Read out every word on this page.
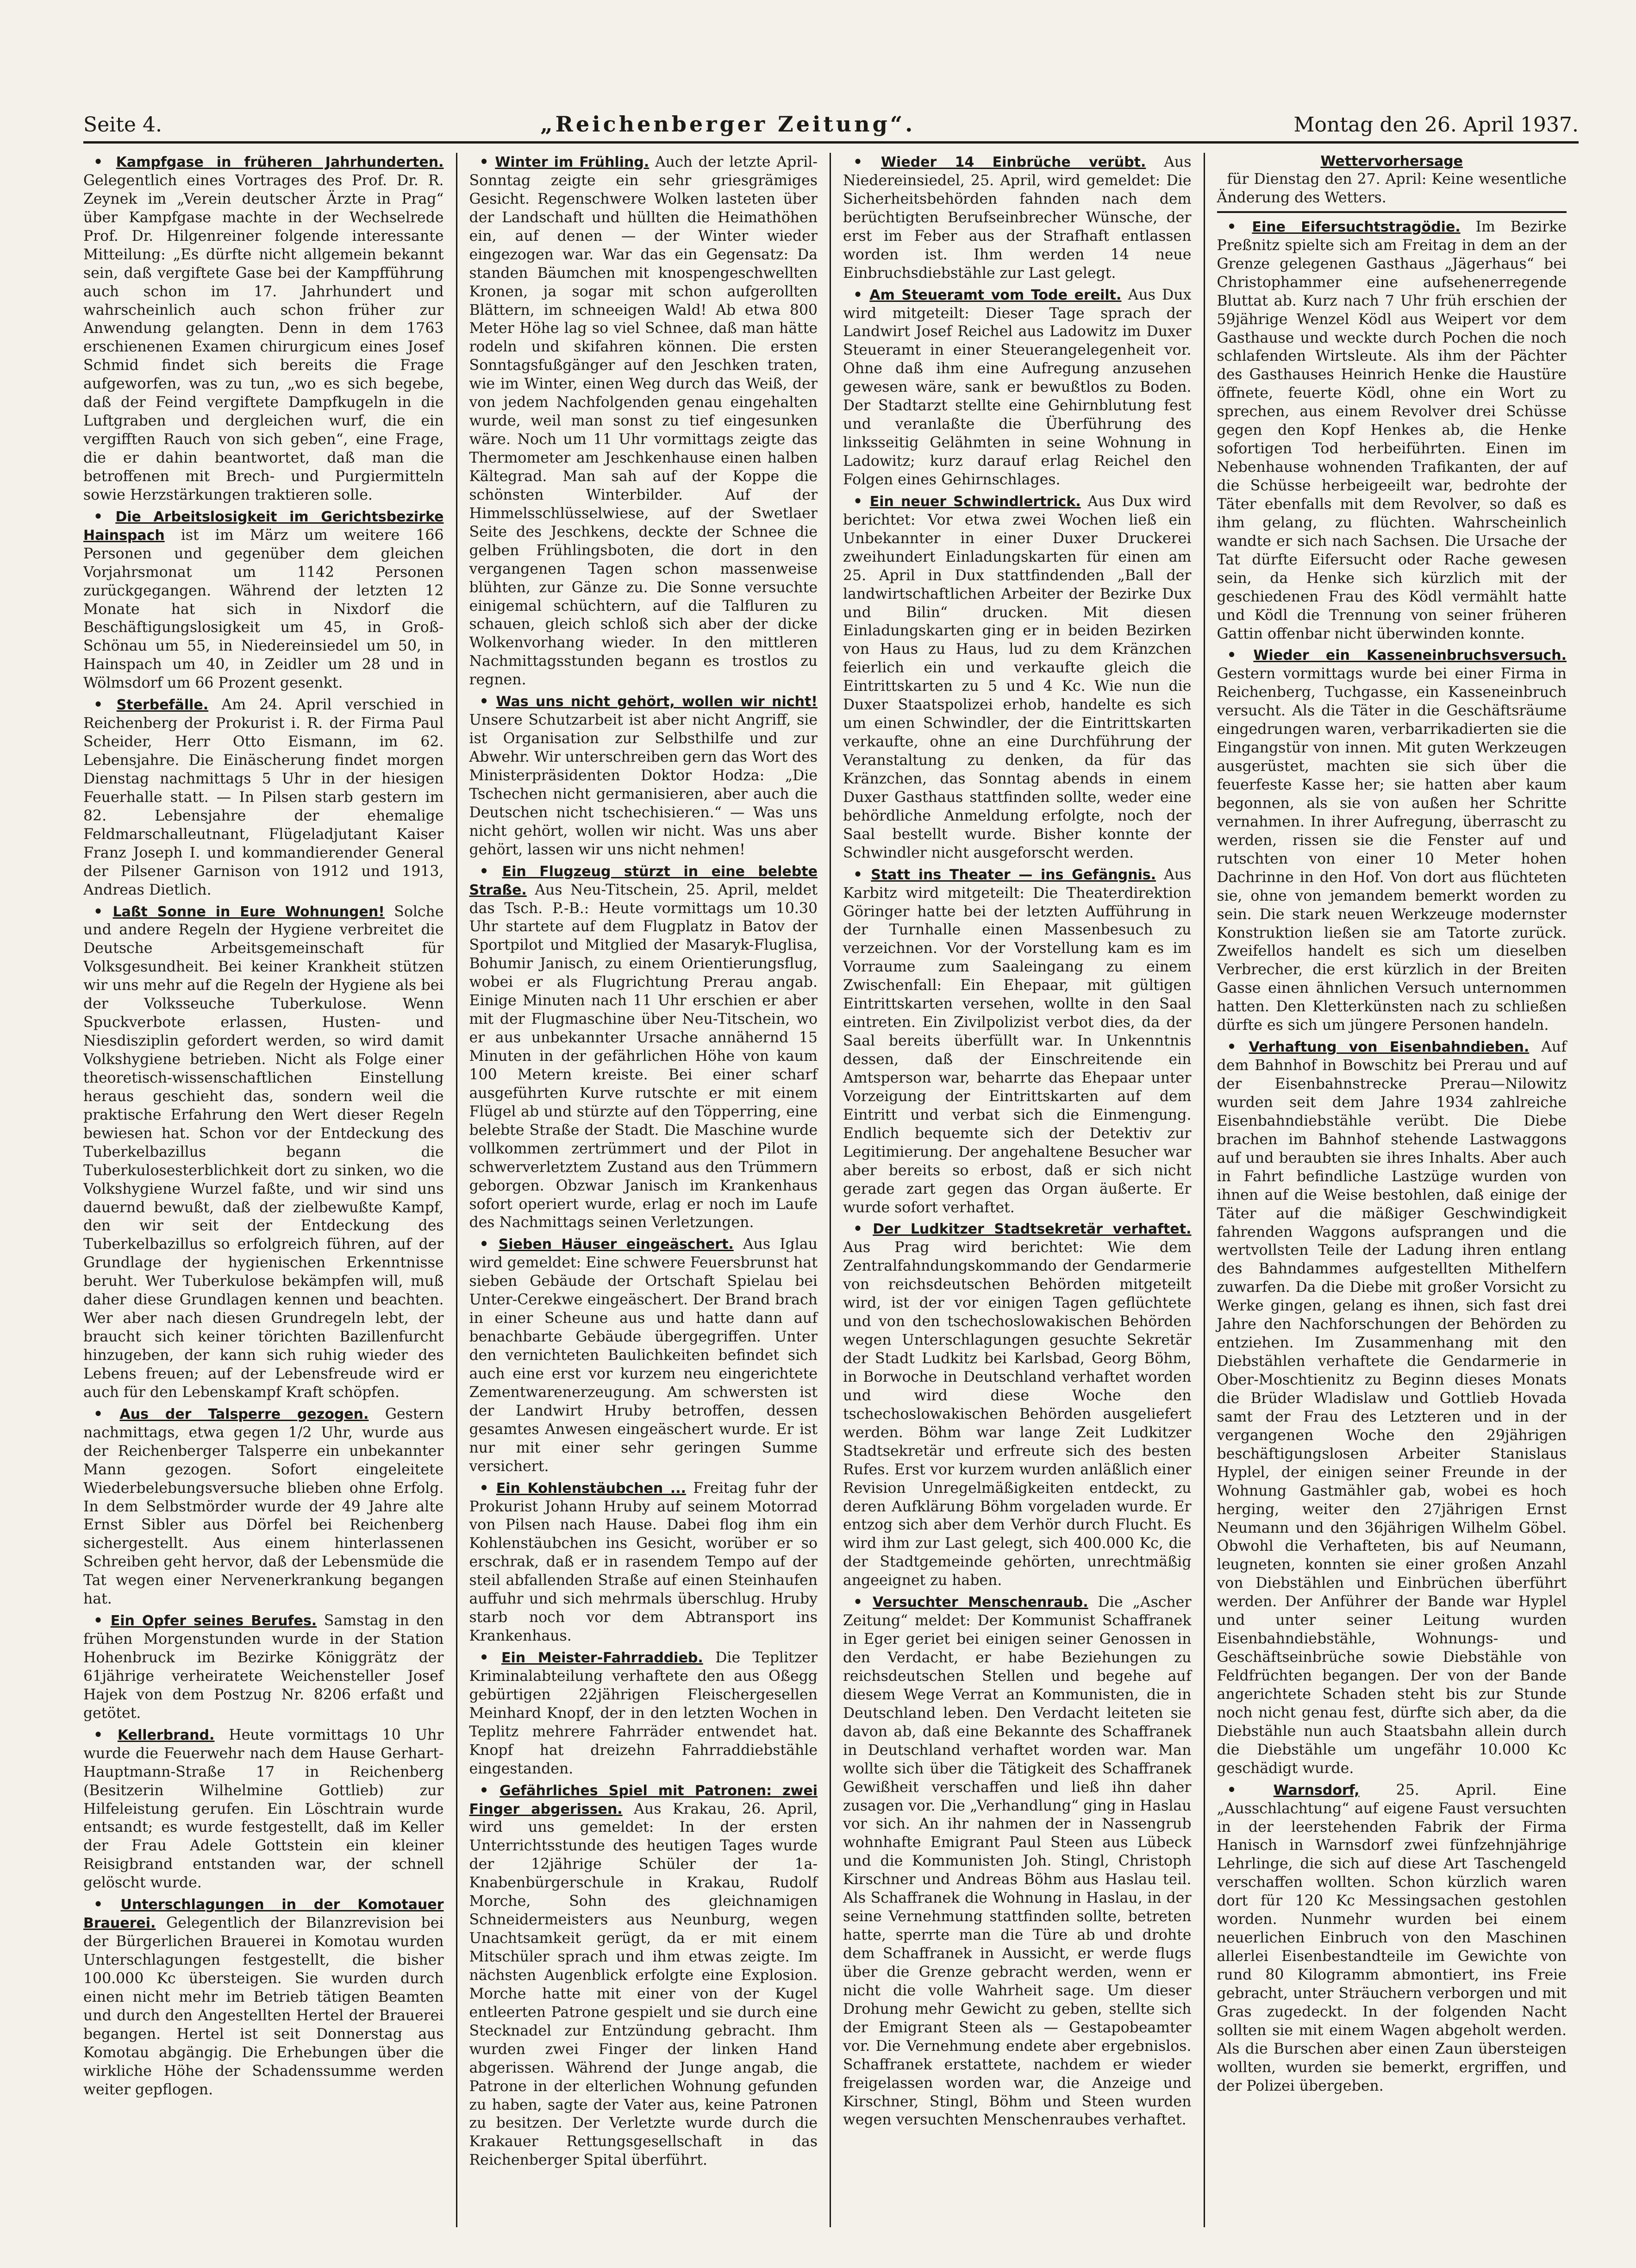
Seite 4.	„Reichenberger Zeitung“.	Montag den 26. April 1937.

• Kampfgase in früheren Jahrhunderten. Gelegentlich eines Vortrages des Prof. Dr. R. Zeynek im „Verein deutscher Ärzte in Prag“ über Kampfgase machte in der Wechselrede Prof. Dr. Hilgenreiner folgende interessante Mitteilung: „Es dürfte nicht allgemein bekannt sein, daß vergiftete Gase bei der Kampfführung auch schon im 17. Jahrhundert und wahrscheinlich auch schon früher zur Anwendung gelangten. Denn in dem 1763 erschienenen Examen chirurgicum eines Josef Schmid findet sich bereits die Frage aufgeworfen, was zu tun, „wo es sich begebe, daß der Feind vergiftete Dampfkugeln in die Luftgraben und dergleichen wurf, die ein vergifften Rauch von sich geben“, eine Frage, die er dahin beantwortet, daß man die betroffenen mit Brech- und Purgiermitteln sowie Herzstärkungen traktieren solle.

• Die Arbeitslosigkeit im Gerichtsbezirke Hainspach ist im März um weitere 166 Personen und gegenüber dem gleichen Vorjahrsmonat um 1142 Personen zurückgegangen. Während der letzten 12 Monate hat sich in Nixdorf die Beschäftigungslosigkeit um 45, in Groß-Schönau um 55, in Niedereinsiedel um 50, in Hainspach um 40, in Zeidler um 28 und in Wölmsdorf um 66 Prozent gesenkt.

• Sterbefälle. Am 24. April verschied in Reichenberg der Prokurist i. R. der Firma Paul Scheider, Herr Otto Eismann, im 62. Lebensjahre. Die Einäscherung findet morgen Dienstag nachmittags 5 Uhr in der hiesigen Feuerhalle statt. — In Pilsen starb gestern im 82. Lebensjahre der ehemalige Feldmarschalleutnant, Flügeladjutant Kaiser Franz Joseph I. und kommandierender General der Pilsener Garnison von 1912 und 1913, Andreas Dietlich.

• Laßt Sonne in Eure Wohnungen! Solche und andere Regeln der Hygiene verbreitet die Deutsche Arbeitsgemeinschaft für Volksgesundheit. Bei keiner Krankheit stützen wir uns mehr auf die Regeln der Hygiene als bei der Volksseuche Tuberkulose. Wenn Spuckverbote erlassen, Husten- und Niesdisziplin gefordert werden, so wird damit Volkshygiene betrieben. Nicht als Folge einer theoretisch-wissenschaftlichen Einstellung heraus geschieht das, sondern weil die praktische Erfahrung den Wert dieser Regeln bewiesen hat. Schon vor der Entdeckung des Tuberkelbazillus begann die Tuberkulosesterblichkeit dort zu sinken, wo die Volkshygiene Wurzel faßte, und wir sind uns dauernd bewußt, daß der zielbewußte Kampf, den wir seit der Entdeckung des Tuberkelbazillus so erfolgreich führen, auf der Grundlage der hygienischen Erkenntnisse beruht. Wer Tuberkulose bekämpfen will, muß daher diese Grundlagen kennen und beachten. Wer aber nach diesen Grundregeln lebt, der braucht sich keiner törichten Bazillenfurcht hinzugeben, der kann sich ruhig wieder des Lebens freuen; auf der Lebensfreude wird er auch für den Lebenskampf Kraft schöpfen.

• Aus der Talsperre gezogen. Gestern nachmittags, etwa gegen 1/2 Uhr, wurde aus der Reichenberger Talsperre ein unbekannter Mann gezogen. Sofort eingeleitete Wiederbelebungsversuche blieben ohne Erfolg. In dem Selbstmörder wurde der 49 Jahre alte Ernst Sibler aus Dörfel bei Reichenberg sichergestellt. Aus einem hinterlassenen Schreiben geht hervor, daß der Lebensmüde die Tat wegen einer Nervenerkrankung begangen hat.

• Ein Opfer seines Berufes. Samstag in den frühen Morgenstunden wurde in der Station Hohenbruck im Bezirke Königgrätz der 61jährige verheiratete Weichensteller Josef Hajek von dem Postzug Nr. 8206 erfaßt und getötet.

• Kellerbrand. Heute vormittags 10 Uhr wurde die Feuerwehr nach dem Hause Gerhart-Hauptmann-Straße 17 in Reichenberg (Besitzerin Wilhelmine Gottlieb) zur Hilfeleistung gerufen. Ein Löschtrain wurde entsandt; es wurde festgestellt, daß im Keller der Frau Adele Gottstein ein kleiner Reisigbrand entstanden war, der schnell gelöscht wurde.

• Unterschlagungen in der Komotauer Brauerei. Gelegentlich der Bilanzrevision bei der Bürgerlichen Brauerei in Komotau wurden Unterschlagungen festgestellt, die bisher 100.000 Kc übersteigen. Sie wurden durch einen nicht mehr im Betrieb tätigen Beamten und durch den Angestellten Hertel der Brauerei begangen. Hertel ist seit Donnerstag aus Komotau abgängig. Die Erhebungen über die wirkliche Höhe der Schadenssumme werden weiter gepflogen.

• Winter im Frühling. Auch der letzte April-Sonntag zeigte ein sehr griesgrämiges Gesicht. Regenschwere Wolken lasteten über der Landschaft und hüllten die Heimathöhen ein, auf denen — der Winter wieder eingezogen war. War das ein Gegensatz: Da standen Bäumchen mit knospengeschwellten Kronen, ja sogar mit schon aufgerollten Blättern, im schneeigen Wald! Ab etwa 800 Meter Höhe lag so viel Schnee, daß man hätte rodeln und skifahren können. Die ersten Sonntagsfußgänger auf den Jeschken traten, wie im Winter, einen Weg durch das Weiß, der von jedem Nachfolgenden genau eingehalten wurde, weil man sonst zu tief eingesunken wäre. Noch um 11 Uhr vormittags zeigte das Thermometer am Jeschkenhause einen halben Kältegrad. Man sah auf der Koppe die schönsten Winterbilder. Auf der Himmelsschlüsselwiese, auf der Swetlaer Seite des Jeschkens, deckte der Schnee die gelben Frühlingsboten, die dort in den vergangenen Tagen schon massenweise blühten, zur Gänze zu. Die Sonne versuchte einigemal schüchtern, auf die Talfluren zu schauen, gleich schloß sich aber der dicke Wolkenvorhang wieder. In den mittleren Nachmittagsstunden begann es trostlos zu regnen.

• Was uns nicht gehört, wollen wir nicht! Unsere Schutzarbeit ist aber nicht Angriff, sie ist Organisation zur Selbsthilfe und zur Abwehr. Wir unterschreiben gern das Wort des Ministerpräsidenten Doktor Hodza: „Die Tschechen nicht germanisieren, aber auch die Deutschen nicht tschechisieren.“ — Was uns nicht gehört, wollen wir nicht. Was uns aber gehört, lassen wir uns nicht nehmen!

• Ein Flugzeug stürzt in eine belebte Straße. Aus Neu-Titschein, 25. April, meldet das Tsch. P.-B.: Heute vormittags um 10.30 Uhr startete auf dem Flugplatz in Batov der Sportpilot und Mitglied der Masaryk-Fluglisa, Bohumir Janisch, zu einem Orientierungsflug, wobei er als Flugrichtung Prerau angab. Einige Minuten nach 11 Uhr erschien er aber mit der Flugmaschine über Neu-Titschein, wo er aus unbekannter Ursache annähernd 15 Minuten in der gefährlichen Höhe von kaum 100 Metern kreiste. Bei einer scharf ausgeführten Kurve rutschte er mit einem Flügel ab und stürzte auf den Töpperring, eine belebte Straße der Stadt. Die Maschine wurde vollkommen zertrümmert und der Pilot in schwerverletztem Zustand aus den Trümmern geborgen. Obzwar Janisch im Krankenhaus sofort operiert wurde, erlag er noch im Laufe des Nachmittags seinen Verletzungen.

• Sieben Häuser eingeäschert. Aus Iglau wird gemeldet: Eine schwere Feuersbrunst hat sieben Gebäude der Ortschaft Spielau bei Unter-Cerekwe eingeäschert. Der Brand brach in einer Scheune aus und hatte dann auf benachbarte Gebäude übergegriffen. Unter den vernichteten Baulichkeiten befindet sich auch eine erst vor kurzem neu eingerichtete Zementwarenerzeugung. Am schwersten ist der Landwirt Hruby betroffen, dessen gesamtes Anwesen eingeäschert wurde. Er ist nur mit einer sehr geringen Summe versichert.

• Ein Kohlenstäubchen ... Freitag fuhr der Prokurist Johann Hruby auf seinem Motorrad von Pilsen nach Hause. Dabei flog ihm ein Kohlenstäubchen ins Gesicht, worüber er so erschrak, daß er in rasendem Tempo auf der steil abfallenden Straße auf einen Steinhaufen auffuhr und sich mehrmals überschlug. Hruby starb noch vor dem Abtransport ins Krankenhaus.

• Ein Meister-Fahrraddieb. Die Teplitzer Kriminalabteilung verhaftete den aus Oßegg gebürtigen 22jährigen Fleischergesellen Meinhard Knopf, der in den letzten Wochen in Teplitz mehrere Fahrräder entwendet hat. Knopf hat dreizehn Fahrraddiebstähle eingestanden.

• Gefährliches Spiel mit Patronen: zwei Finger abgerissen. Aus Krakau, 26. April, wird uns gemeldet: In der ersten Unterrichtsstunde des heutigen Tages wurde der 12jährige Schüler der 1a-Knabenbürgerschule in Krakau, Rudolf Morche, Sohn des gleichnamigen Schneidermeisters aus Neunburg, wegen Unachtsamkeit gerügt, da er mit einem Mitschüler sprach und ihm etwas zeigte. Im nächsten Augenblick erfolgte eine Explosion. Morche hatte mit einer von der Kugel entleerten Patrone gespielt und sie durch eine Stecknadel zur Entzündung gebracht. Ihm wurden zwei Finger der linken Hand abgerissen. Während der Junge angab, die Patrone in der elterlichen Wohnung gefunden zu haben, sagte der Vater aus, keine Patronen zu besitzen. Der Verletzte wurde durch die Krakauer Rettungsgesellschaft in das Reichenberger Spital überführt.

• Wieder 14 Einbrüche verübt. Aus Niedereinsiedel, 25. April, wird gemeldet: Die Sicherheitsbehörden fahnden nach dem berüchtigten Berufseinbrecher Wünsche, der erst im Feber aus der Strafhaft entlassen worden ist. Ihm werden 14 neue Einbruchsdiebstähle zur Last gelegt.

• Am Steueramt vom Tode ereilt. Aus Dux wird mitgeteilt: Dieser Tage sprach der Landwirt Josef Reichel aus Ladowitz im Duxer Steueramt in einer Steuerangelegenheit vor. Ohne daß ihm eine Aufregung anzusehen gewesen wäre, sank er bewußtlos zu Boden. Der Stadtarzt stellte eine Gehirnblutung fest und veranlaßte die Überführung des linksseitig Gelähmten in seine Wohnung in Ladowitz; kurz darauf erlag Reichel den Folgen eines Gehirnschlages.

• Ein neuer Schwindlertrick. Aus Dux wird berichtet: Vor etwa zwei Wochen ließ ein Unbekannter in einer Duxer Druckerei zweihundert Einladungskarten für einen am 25. April in Dux stattfindenden „Ball der landwirtschaftlichen Arbeiter der Bezirke Dux und Bilin“ drucken. Mit diesen Einladungskarten ging er in beiden Bezirken von Haus zu Haus, lud zu dem Kränzchen feierlich ein und verkaufte gleich die Eintrittskarten zu 5 und 4 Kc. Wie nun die Duxer Staatspolizei erhob, handelte es sich um einen Schwindler, der die Eintrittskarten verkaufte, ohne an eine Durchführung der Veranstaltung zu denken, da für das Kränzchen, das Sonntag abends in einem Duxer Gasthaus stattfinden sollte, weder eine behördliche Anmeldung erfolgte, noch der Saal bestellt wurde. Bisher konnte der Schwindler nicht ausgeforscht werden.

• Statt ins Theater — ins Gefängnis. Aus Karbitz wird mitgeteilt: Die Theaterdirektion Göringer hatte bei der letzten Aufführung in der Turnhalle einen Massenbesuch zu verzeichnen. Vor der Vorstellung kam es im Vorraume zum Saaleingang zu einem Zwischenfall: Ein Ehepaar, mit gültigen Eintrittskarten versehen, wollte in den Saal eintreten. Ein Zivilpolizist verbot dies, da der Saal bereits überfüllt war. In Unkenntnis dessen, daß der Einschreitende ein Amtsperson war, beharrte das Ehepaar unter Vorzeigung der Eintrittskarten auf dem Eintritt und verbat sich die Einmengung. Endlich bequemte sich der Detektiv zur Legitimierung. Der angehaltene Besucher war aber bereits so erbost, daß er sich nicht gerade zart gegen das Organ äußerte. Er wurde sofort verhaftet.

• Der Ludkitzer Stadtsekretär verhaftet. Aus Prag wird berichtet: Wie dem Zentralfahndungskommando der Gendarmerie von reichsdeutschen Behörden mitgeteilt wird, ist der vor einigen Tagen geflüchtete und von den tschechoslowakischen Behörden wegen Unterschlagungen gesuchte Sekretär der Stadt Ludkitz bei Karlsbad, Georg Böhm, in Borwoche in Deutschland verhaftet worden und wird diese Woche den tschechoslowakischen Behörden ausgeliefert werden. Böhm war lange Zeit Ludkitzer Stadtsekretär und erfreute sich des besten Rufes. Erst vor kurzem wurden anläßlich einer Revision Unregelmäßigkeiten entdeckt, zu deren Aufklärung Böhm vorgeladen wurde. Er entzog sich aber dem Verhör durch Flucht. Es wird ihm zur Last gelegt, sich 400.000 Kc, die der Stadtgemeinde gehörten, unrechtmäßig angeeignet zu haben.

• Versuchter Menschenraub. Die „Ascher Zeitung“ meldet: Der Kommunist Schaffranek in Eger geriet bei einigen seiner Genossen in den Verdacht, er habe Beziehungen zu reichsdeutschen Stellen und begehe auf diesem Wege Verrat an Kommunisten, die in Deutschland leben. Den Verdacht leiteten sie davon ab, daß eine Bekannte des Schaffranek in Deutschland verhaftet worden war. Man wollte sich über die Tätigkeit des Schaffranek Gewißheit verschaffen und ließ ihn daher zusagen vor. Die „Verhandlung“ ging in Haslau vor sich. An ihr nahmen der in Nassengrub wohnhafte Emigrant Paul Steen aus Lübeck und die Kommunisten Joh. Stingl, Christoph Kirschner und Andreas Böhm aus Haslau teil. Als Schaffranek die Wohnung in Haslau, in der seine Vernehmung stattfinden sollte, betreten hatte, sperrte man die Türe ab und drohte dem Schaffranek in Aussicht, er werde flugs über die Grenze gebracht werden, wenn er nicht die volle Wahrheit sage. Um dieser Drohung mehr Gewicht zu geben, stellte sich der Emigrant Steen als — Gestapobeamter vor. Die Vernehmung endete aber ergebnislos. Schaffranek erstattete, nachdem er wieder freigelassen worden war, die Anzeige und Kirschner, Stingl, Böhm und Steen wurden wegen versuchten Menschenraubes verhaftet.

Wettervorhersage

für Dienstag den 27. April: Keine wesentliche Änderung des Wetters.

• Eine Eifersuchtstragödie. Im Bezirke Preßnitz spielte sich am Freitag in dem an der Grenze gelegenen Gasthaus „Jägerhaus“ bei Christophammer eine aufsehenerregende Bluttat ab. Kurz nach 7 Uhr früh erschien der 59jährige Wenzel Ködl aus Weipert vor dem Gasthause und weckte durch Pochen die noch schlafenden Wirtsleute. Als ihm der Pächter des Gasthauses Heinrich Henke die Haustüre öffnete, feuerte Ködl, ohne ein Wort zu sprechen, aus einem Revolver drei Schüsse gegen den Kopf Henkes ab, die Henke sofortigen Tod herbeiführten. Einen im Nebenhause wohnenden Trafikanten, der auf die Schüsse herbeigeeilt war, bedrohte der Täter ebenfalls mit dem Revolver, so daß es ihm gelang, zu flüchten. Wahrscheinlich wandte er sich nach Sachsen. Die Ursache der Tat dürfte Eifersucht oder Rache gewesen sein, da Henke sich kürzlich mit der geschiedenen Frau des Ködl vermählt hatte und Ködl die Trennung von seiner früheren Gattin offenbar nicht überwinden konnte.

• Wieder ein Kasseneinbruchsversuch. Gestern vormittags wurde bei einer Firma in Reichenberg, Tuchgasse, ein Kasseneinbruch versucht. Als die Täter in die Geschäftsräume eingedrungen waren, verbarrikadierten sie die Eingangstür von innen. Mit guten Werkzeugen ausgerüstet, machten sie sich über die feuerfeste Kasse her; sie hatten aber kaum begonnen, als sie von außen her Schritte vernahmen. In ihrer Aufregung, überrascht zu werden, rissen sie die Fenster auf und rutschten von einer 10 Meter hohen Dachrinne in den Hof. Von dort aus flüchteten sie, ohne von jemandem bemerkt worden zu sein. Die stark neuen Werkzeuge modernster Konstruktion ließen sie am Tatorte zurück. Zweifellos handelt es sich um dieselben Verbrecher, die erst kürzlich in der Breiten Gasse einen ähnlichen Versuch unternommen hatten. Den Kletterkünsten nach zu schließen dürfte es sich um jüngere Personen handeln.

• Verhaftung von Eisenbahndieben. Auf dem Bahnhof in Bowschitz bei Prerau und auf der Eisenbahnstrecke Prerau—Nilowitz wurden seit dem Jahre 1934 zahlreiche Eisenbahndiebstähle verübt. Die Diebe brachen im Bahnhof stehende Lastwaggons auf und beraubten sie ihres Inhalts. Aber auch in Fahrt befindliche Lastzüge wurden von ihnen auf die Weise bestohlen, daß einige der Täter auf die mäßiger Geschwindigkeit fahrenden Waggons aufsprangen und die wertvollsten Teile der Ladung ihren entlang des Bahndammes aufgestellten Mithelfern zuwarfen. Da die Diebe mit großer Vorsicht zu Werke gingen, gelang es ihnen, sich fast drei Jahre den Nachforschungen der Behörden zu entziehen. Im Zusammenhang mit den Diebstählen verhaftete die Gendarmerie in Ober-Moschtienitz zu Beginn dieses Monats die Brüder Wladislaw und Gottlieb Hovada samt der Frau des Letzteren und in der vergangenen Woche den 29jährigen beschäftigungslosen Arbeiter Stanislaus Hyplel, der einigen seiner Freunde in der Wohnung Gastmähler gab, wobei es hoch herging, weiter den 27jährigen Ernst Neumann und den 36jährigen Wilhelm Göbel. Obwohl die Verhafteten, bis auf Neumann, leugneten, konnten sie einer großen Anzahl von Diebstählen und Einbrüchen überführt werden. Der Anführer der Bande war Hyplel und unter seiner Leitung wurden Eisenbahndiebstähle, Wohnungs- und Geschäftseinbrüche sowie Diebstähle von Feldfrüchten begangen. Der von der Bande angerichtete Schaden steht bis zur Stunde noch nicht genau fest, dürfte sich aber, da die Diebstähle nun auch Staatsbahn allein durch die Diebstähle um ungefähr 10.000 Kc geschädigt wurde.

• Warnsdorf, 25. April. Eine „Ausschlachtung“ auf eigene Faust versuchten in der leerstehenden Fabrik der Firma Hanisch in Warnsdorf zwei fünfzehnjährige Lehrlinge, die sich auf diese Art Taschengeld verschaffen wollten. Schon kürzlich waren dort für 120 Kc Messingsachen gestohlen worden. Nunmehr wurden bei einem neuerlichen Einbruch von den Maschinen allerlei Eisenbestandteile im Gewichte von rund 80 Kilogramm abmontiert, ins Freie gebracht, unter Sträuchern verborgen und mit Gras zugedeckt. In der folgenden Nacht sollten sie mit einem Wagen abgeholt werden. Als die Burschen aber einen Zaun übersteigen wollten, wurden sie bemerkt, ergriffen, und der Polizei übergeben.
